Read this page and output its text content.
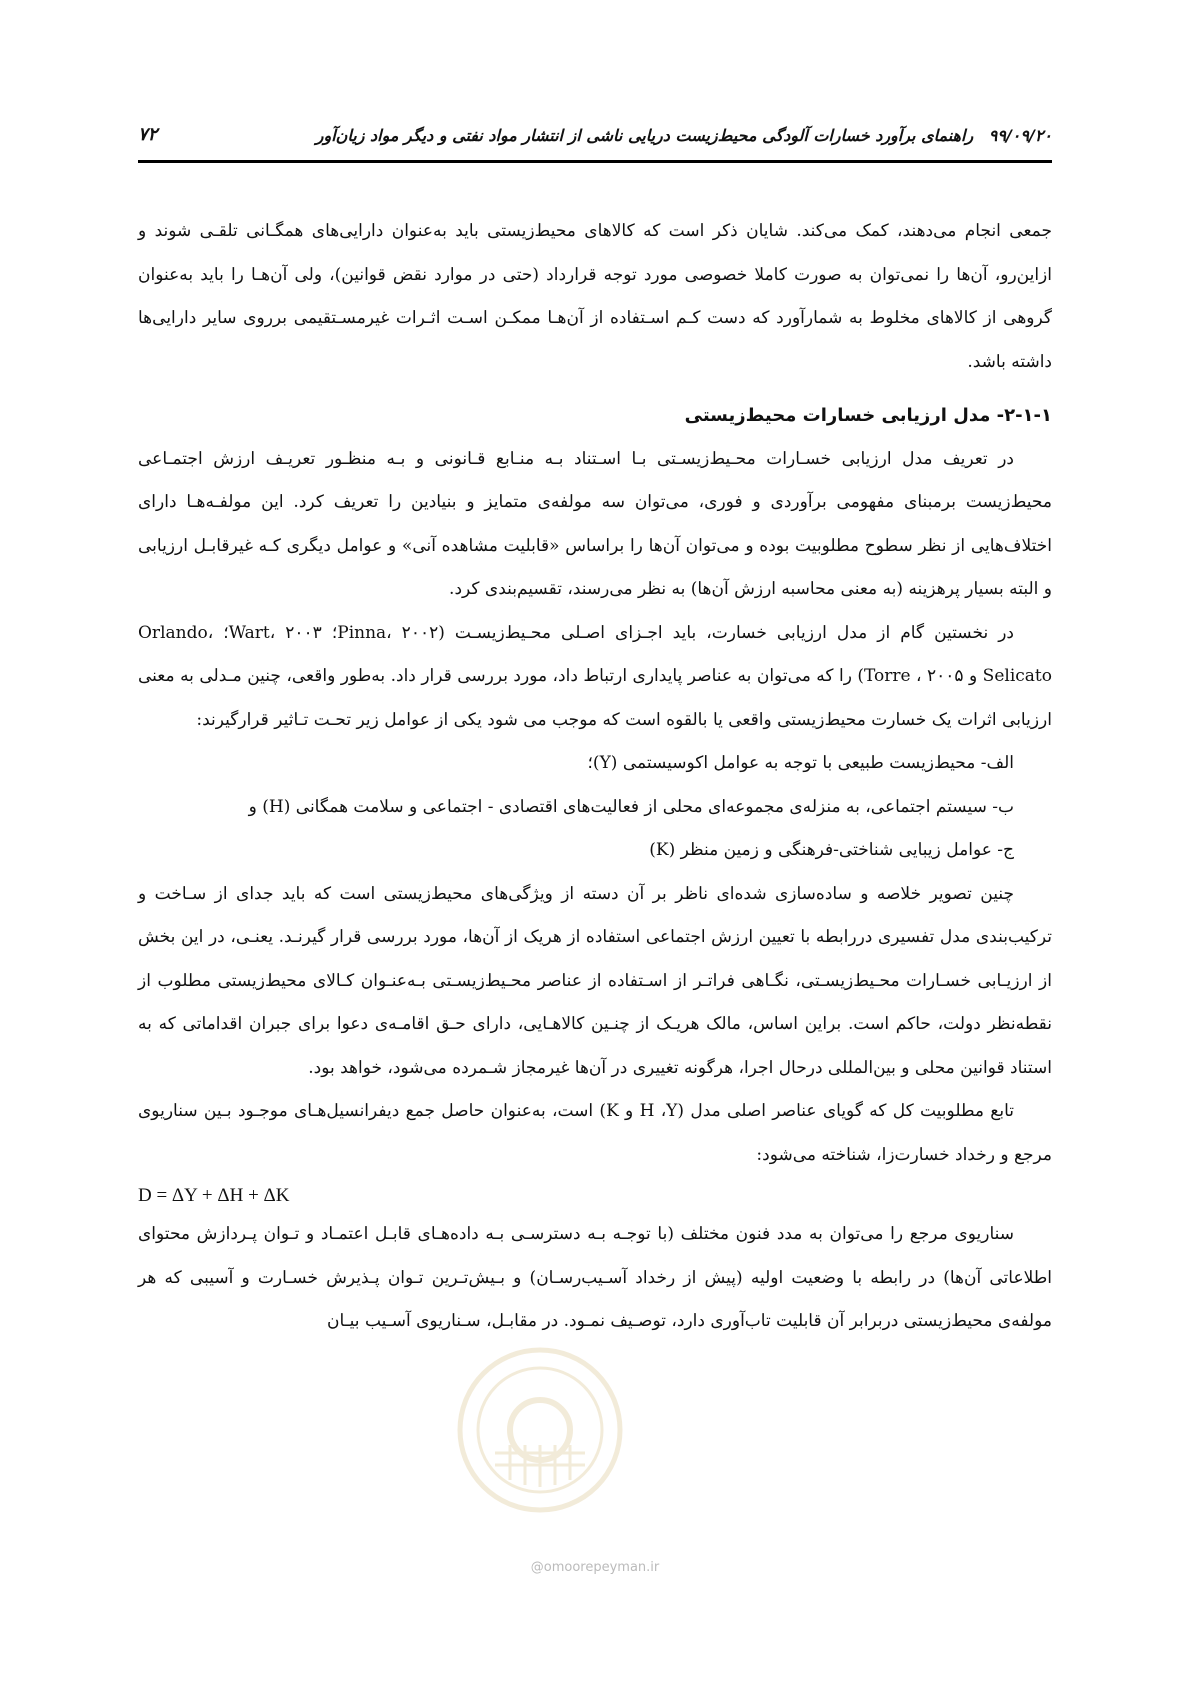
۹۹/۰۹/۲۰ راهنمای برآورد خسارات آلودگی محیط‌زیست دریایی ناشی از انتشار مواد نفتی و دیگر مواد زیان‌آور
۷۲

جمعی انجام می‌دهند، کمک می‌کند. شایان ذکر است که کالاهای محیط‌زیستی باید به‌عنوان دارایی‌های همگـانی تلقـی شوند و ازاین‌رو، آن‌ها را نمی‌توان به صورت کاملا خصوصی مورد توجه قرارداد (حتی در موارد نقض قوانین)، ولی آن‌هـا را باید به‌عنوان گروهی از کالاهای مخلوط به شمارآورد که دست کـم اسـتفاده از آن‌هـا ممکـن اسـت اثـرات غیرمسـتقیمی برروی سایر دارایی‌ها داشته باشد.

۲-۱-۱- مدل ارزیابی خسارات محیط‌زیستی

در تعریف مدل ارزیابی خسـارات محـیط‌زیسـتی بـا اسـتناد بـه منـابع قـانونی و بـه منظـور تعریـف ارزش اجتمـاعی محیط‌زیست برمبنای مفهومی برآوردی و فوری، می‌توان سه مولفه‌ی متمایز و بنیادین را تعریف کرد. این مولفـه‌هـا دارای اختلاف‌هایی از نظر سطوح مطلوبیت بوده و می‌توان آن‌ها را براساس «قابلیت مشاهده آنی» و عوامل دیگری کـه غیرقابـل ارزیابی و البته بسیار پرهزینه (به معنی محاسبه ارزش آن‌ها) به نظر می‌رسند، تقسیم‌بندی کرد.

در نخستین گام از مدل ارزیابی خسارت، باید اجـزای اصـلی محـیط‌زیسـت (Pinna، ۲۰۰۲؛ Wart، ۲۰۰۳؛ Orlando، Selicato و Torre ، ۲۰۰۵) را که می‌توان به عناصر پایداری ارتباط داد، مورد بررسی قرار داد. به‌طور واقعی، چنین مـدلی به معنی ارزیابی اثرات یک خسارت محیط‌زیستی واقعی یا بالقوه است که موجب می شود یکی از عوامل زیر تحـت تـاثیر قرارگیرند:

الف- محیط‌زیست طبیعی با توجه به عوامل اکوسیستمی (Y)؛

ب- سیستم اجتماعی، به منزله‌ی مجموعه‌ای محلی از فعالیت‌های اقتصادی - اجتماعی و سلامت همگانی (H) و

ج- عوامل زیبایی شناختی-فرهنگی و زمین منظر (K)

چنین تصویر خلاصه و ساده‌سازی شده‌ای ناظر بر آن دسته از ویژگی‌های محیط‌زیستی است که باید جدای از سـاخت و ترکیب‌بندی مدل تفسیری دررابطه با تعیین ارزش اجتماعی استفاده از هریک از آن‌ها، مورد بررسی قرار گیرنـد. یعنـی، در این بخش از ارزیـابی خسـارات محـیط‌زیسـتی، نگـاهی فراتـر از اسـتفاده از عناصر محـیط‌زیسـتی بـه‌عنـوان کـالای محیط‌زیستی مطلوب از نقطه‌نظر دولت، حاکم است. براین اساس، مالک هریـک از چنـین کالاهـایی، دارای حـق اقامـه‌ی دعوا برای جبران اقداماتی که به استناد قوانین محلی و بین‌المللی درحال اجرا، هرگونه تغییری در آن‌ها غیرمجاز شـمرده می‌شود، خواهد بود.

تابع مطلوبیت کل که گویای عناصر اصلی مدل (H ،Y و K) است، به‌عنوان حاصل جمع دیفرانسیل‌هـای موجـود بـین سناریوی مرجع و رخداد خسارت‌زا، شناخته می‌شود:

D = ΔY + ΔH + ΔK

سناریوی مرجع را می‌توان به مدد فنون مختلف (با توجـه بـه دسترسـی بـه داده‌هـای قابـل اعتمـاد و تـوان پـردازش محتوای اطلاعاتی آن‌ها) در رابطه با وضعیت اولیه (پیش از رخداد آسـیب‌رسـان) و بـیش‌تـرین تـوان پـذیرش خسـارت و آسیبی که هر مولفه‌ی محیط‌زیستی دربرابر آن قابلیت تاب‌آوری دارد، توصـیف نمـود. در مقابـل، سـناریوی آسـیب بیـان

@omoorepeyman.ir
